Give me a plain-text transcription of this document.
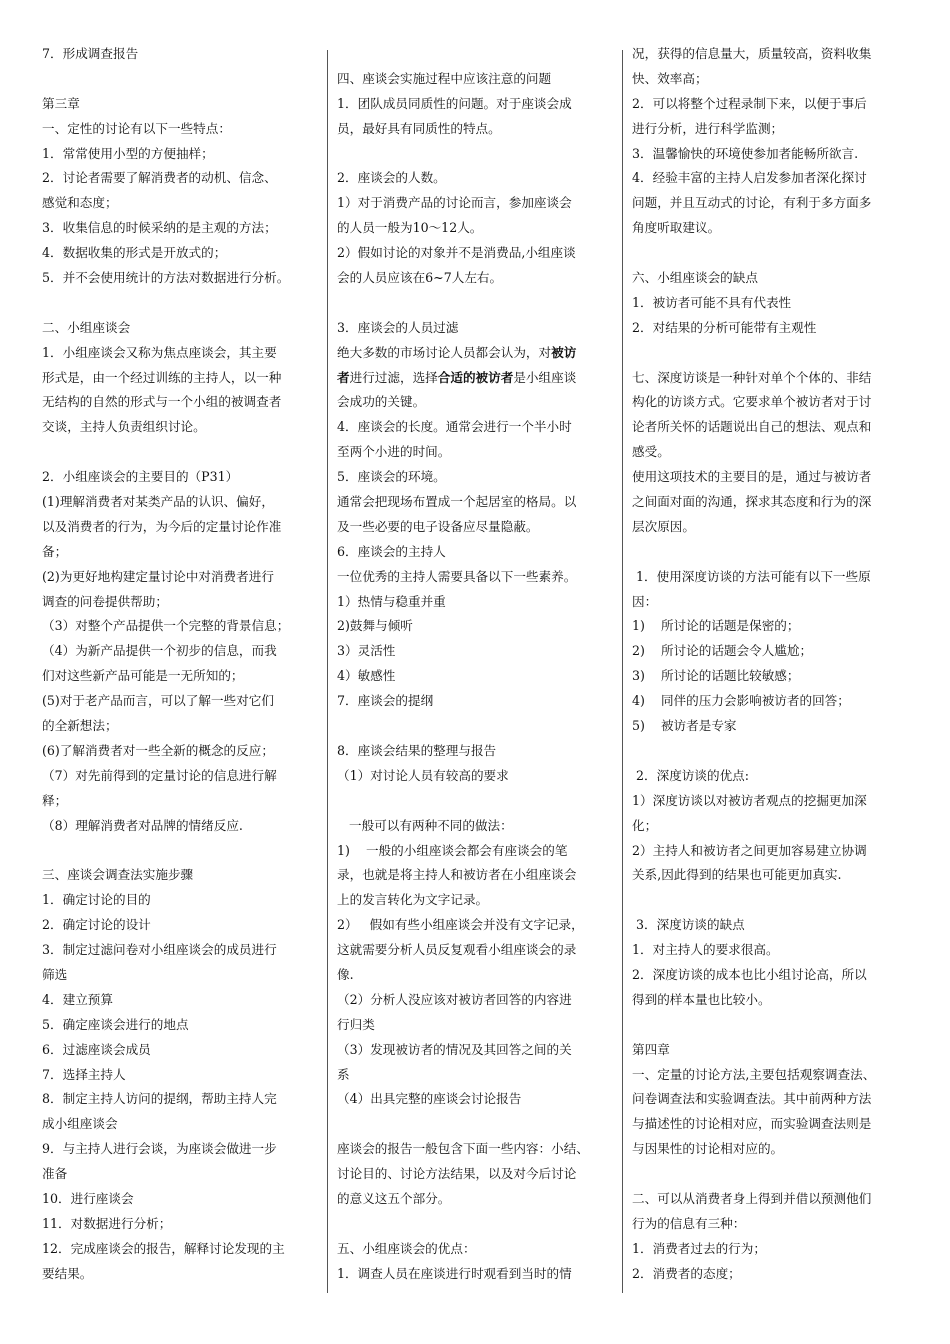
7．形成调查报告
第三章
一、定性的讨论有以下一些特点：
1．常常使用小型的方便抽样；
2．讨论者需要了解消费者的动机、信念、
感觉和态度；
3．收集信息的时候采纳的是主观的方法；
4．数据收集的形式是开放式的；
5．并不会使用统计的方法对数据进行分析。
二、小组座谈会
1．小组座谈会又称为焦点座谈会，其主要
形式是，由一个经过训练的主持人，以一种
无结构的自然的形式与一个小组的被调查者
交谈，主持人负责组织讨论。
2．小组座谈会的主要目的（P31）
(1)理解消费者对某类产品的认识、偏好，
以及消费者的行为，为今后的定量讨论作准
备；
(2)为更好地构建定量讨论中对消费者进行
调查的问卷提供帮助；
（3）对整个产品提供一个完整的背景信息；
（4）为新产品提供一个初步的信息，而我
们对这些新产品可能是一无所知的；
(5)对于老产品而言，可以了解一些对它们
的全新想法；
(6)了解消费者对一些全新的概念的反应；
（7）对先前得到的定量讨论的信息进行解
释；
（8）理解消费者对品牌的情绪反应.
三、座谈会调查法实施步骤
1．确定讨论的目的
2．确定讨论的设计
3．制定过滤问卷对小组座谈会的成员进行
筛选
4．建立预算
5．确定座谈会进行的地点
6．过滤座谈会成员
7．选择主持人
8．制定主持人访问的提纲，帮助主持人完
成小组座谈会
9．与主持人进行会谈，为座谈会做进一步
准备
10．进行座谈会
11．对数据进行分析；
12．完成座谈会的报告，解释讨论发现的主
要结果。
四、座谈会实施过程中应该注意的问题
1．团队成员同质性的问题。对于座谈会成
员，最好具有同质性的特点。
2．座谈会的人数。
1）对于消费产品的讨论而言，参加座谈会
的人员一般为10～12人。
2）假如讨论的对象并不是消费品,小组座谈
会的人员应该在6~7人左右。
3．座谈会的人员过滤
绝大多数的市场讨论人员都会认为，对被访
者进行过滤，选择合适的被访者是小组座谈
会成功的关键。
4．座谈会的长度。通常会进行一个半小时
至两个小进的时间。
5．座谈会的环境。
通常会把现场布置成一个起居室的格局。以
及一些必要的电子设备应尽量隐蔽。
6．座谈会的主持人
一位优秀的主持人需要具备以下一些素养。
1）热情与稳重并重
2)鼓舞与倾听
3）灵活性
4）敏感性
7．座谈会的提纲
8．座谈会结果的整理与报告
（1）对讨论人员有较高的要求
一般可以有两种不同的做法：
1)    一般的小组座谈会都会有座谈会的笔
录，也就是将主持人和被访者在小组座谈会
上的发言转化为文字记录。
2）   假如有些小组座谈会并没有文字记录，
这就需要分析人员反复观看小组座谈会的录
像.
（2）分析人没应该对被访者回答的内容进
行归类
（3）发现被访者的情况及其回答之间的关
系
（4）出具完整的座谈会讨论报告
座谈会的报告一般包含下面一些内容：小结、
讨论目的、讨论方法结果，以及对今后讨论
的意义这五个部分。
五、小组座谈会的优点：
1．调查人员在座谈进行时观看到当时的情
况，获得的信息量大，质量较高，资料收集
快、效率高；
2．可以将整个过程录制下来，以便于事后
进行分析，进行科学监测；
3．温馨愉快的环境使参加者能畅所欲言.
4．经验丰富的主持人启发参加者深化探讨
问题，并且互动式的讨论，有利于多方面多
角度听取建议。
六、小组座谈会的缺点
1．被访者可能不具有代表性
2．对结果的分析可能带有主观性
七、深度访谈是一种针对单个个体的、非结
构化的访谈方式。它要求单个被访者对于讨
论者所关怀的话题说出自己的想法、观点和
感受。
使用这项技术的主要目的是，通过与被访者
之间面对面的沟通，探求其态度和行为的深
层次原因。
1．使用深度访谈的方法可能有以下一些原
因：
1)    所讨论的话题是保密的；
2)    所讨论的话题会令人尴尬；
3)    所讨论的话题比较敏感；
4)    同伴的压力会影响被访者的回答；
5)    被访者是专家
2．深度访谈的优点:
1）深度访谈以对被访者观点的挖掘更加深
化；
2）主持人和被访者之间更加容易建立协调
关系,因此得到的结果也可能更加真实.
3．深度访谈的缺点
1．对主持人的要求很高。
2．深度访谈的成本也比小组讨论高，所以
得到的样本量也比较小。
第四章
一、定量的讨论方法,主要包括观察调查法、
问卷调查法和实验调查法。其中前两种方法
与描述性的讨论相对应，而实验调查法则是
与因果性的讨论相对应的。
二、可以从消费者身上得到并借以预测他们
行为的信息有三种：
1．消费者过去的行为；
2．消费者的态度；
